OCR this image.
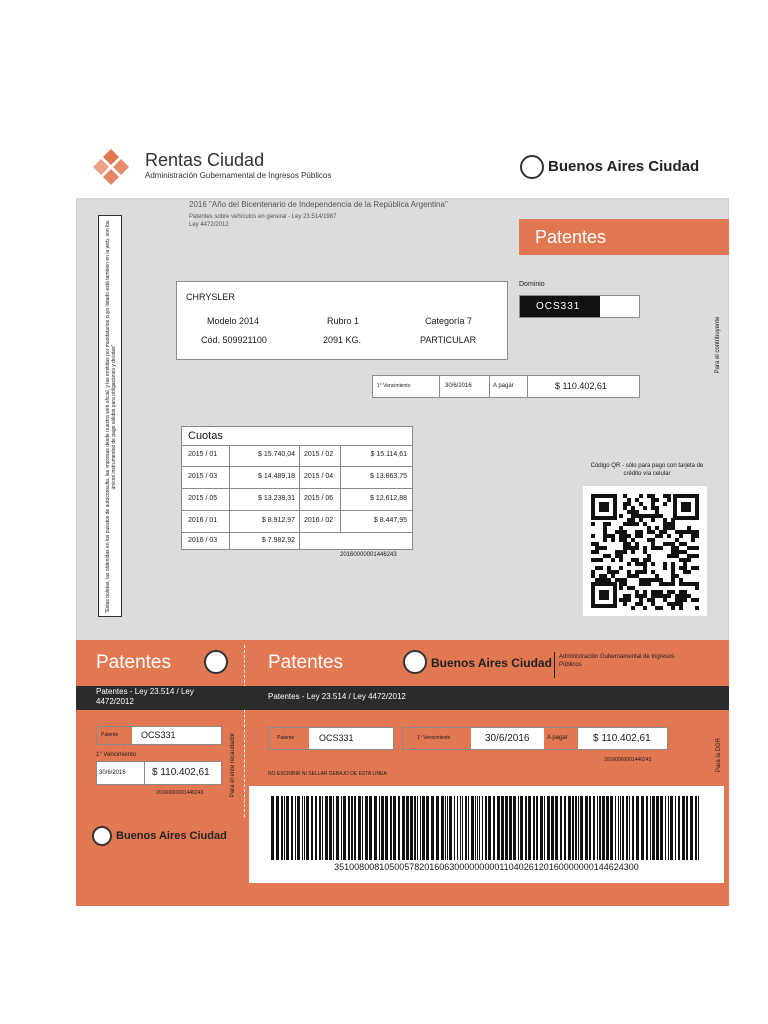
Rentas Ciudad
Administración Gubernamental de Ingresos Públicos
Buenos Aires Ciudad
2016 "Año del Bicentenario de Independencia de la República Argentina"
Patentes sobre vehículos en general - Ley 23.514/1987
Ley 4472/2012
Patentes
"Estas boletas, las obtenidas en los puestos de autoconsulta, las impresas desde nuestra web oficial, y las emitidas por mandatarios cuyo listado está también en la web, son los únicos instrumentos de pago válidos para obligaciones y deudas"	Para el contribuyente
CHRYSLER
Modelo 2014	Rubro 1	Categoría 7
Cód. 509921100	2091 KG.	PARTICULAR
Dominio
OCS331
1° Vencimiento	30/6/2016	A pagar	$ 110.402,61
Cuotas
2015 / 01	$ 15.740,04	2015 / 02	$ 15.114,61
2015 / 03	$ 14.489,18	2015 / 04	$ 13.863,75
2015 / 05	$ 13.238,31	2015 / 06	$ 12.612,88
2016 / 01	$ 8.912,97	2016 / 02	$ 8.447,95
2016 / 03	$ 7.982,92
20160000001446243
Código QR - sólo para pago con tarjeta de crédito vía celular
Patentes
Patentes - Ley 23.514 / Ley 4472/2012
Patente	OCS331
1° Vencimiento
30/6/2016	$ 110.402,61
20160000001446243	Para el ente recaudador
Buenos Aires Ciudad
Patentes	Buenos Aires Ciudad Administración Gubernamental de Ingresos Públicos
Patentes - Ley 23.514 / Ley 4472/2012
Patente	OCS331	1° Vencimiento	30/6/2016	A pagar	$ 110.402,61
20160000001446243
NO ESCRIBIR NI SELLAR DEBAJO DE ESTA LINEA
Para la DGR
3510080081050057820160630000000001104026120160000000144624300
